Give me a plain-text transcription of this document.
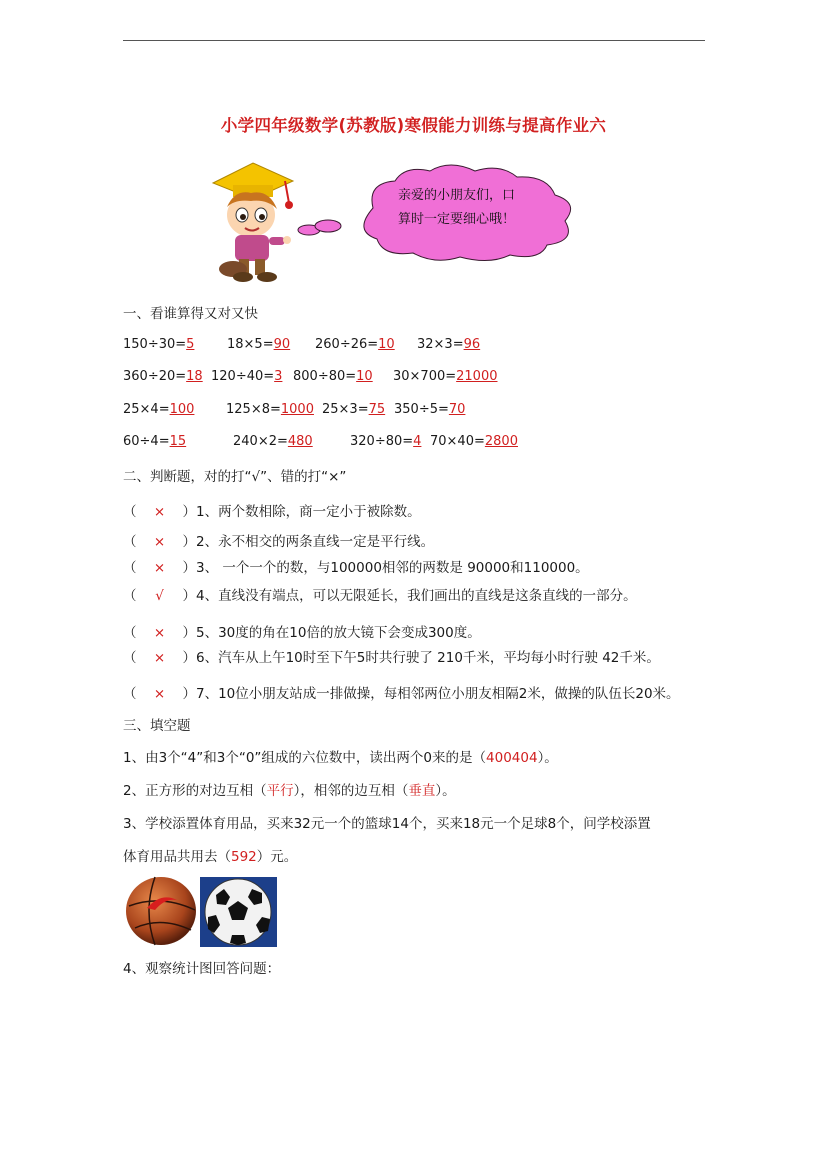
小学四年级数学(苏教版)寒假能力训练与提高作业六
亲爱的小朋友们，口
算时一定要细心哦！
一、看谁算得又对又快
150÷30=5	18×5=90 260÷26=10 32×3=96
360÷20=18 120÷40=3 800÷80=10 30×700=21000
25×4=100 125×8=1000 25×3=75 350÷5=70
60÷4=15	240×2=480	320÷80=4 70×40=2800
二、判断题，对的打“√”、错的打“×”
（ × ）1、两个数相除，商一定小于被除数。
（ × ）2、永不相交的两条直线一定是平行线。
（ × ）3、 一个一个的数，与100000相邻的两数是 90000和110000。
（ √ ）4、直线没有端点，可以无限延长，我们画出的直线是这条直线的一部分。
（ × ）5、30度的角在10倍的放大镜下会变成300度。
（ × ）6、汽车从上午10时至下午5时共行驶了 210千米，平均每小时行驶 42千米。
（ × ）7、10位小朋友站成一排做操，每相邻两位小朋友相隔2米，做操的队伍长20米。
三、填空题
1、由3个“4”和3个“0”组成的六位数中，读出两个0来的是（400404）。
2、正方形的对边互相（平行），相邻的边互相（垂直）。
3、学校添置体育用品，买来32元一个的篮球14个，买来18元一个足球8个，问学校添置
体育用品共用去（592）元。
4、观察统计图回答问题：
